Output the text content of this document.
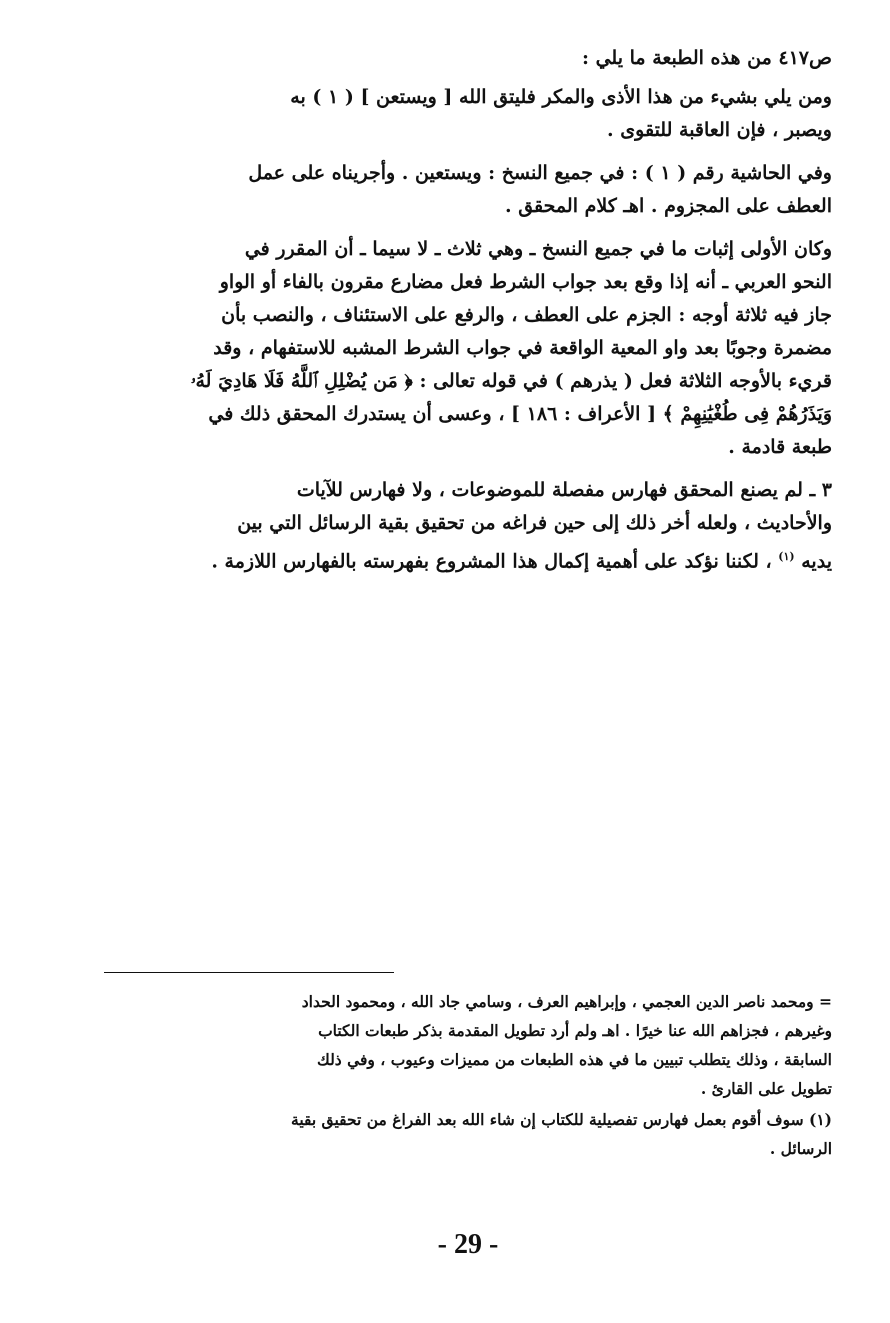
ص٤١٧ من هذه الطبعة ما يلي :
ومن يلي بشيء من هذا الأذى والمكر فليتق الله [ ويستعن ] ( ١ ) به
ويصبر ، فإن العاقبة للتقوى .
وفي الحاشية رقم ( ١ ) : في جميع النسخ : ويستعين . وأجريناه على عمل
العطف على المجزوم . اهـ كلام المحقق .
وكان الأولى إثبات ما في جميع النسخ ـ وهي ثلاث ـ لا سيما ـ أن المقرر في
النحو العربي ـ أنه إذا وقع بعد جواب الشرط فعل مضارع مقرون بالفاء أو الواو
جاز فيه ثلاثة أوجه : الجزم على العطف ، والرفع على الاستئناف ، والنصب بأن
مضمرة وجوبًا بعد واو المعية الواقعة في جواب الشرط المشبه للاستفهام ، وقد
قريء بالأوجه الثلاثة فعل ( يذرهم ) في قوله تعالى : ﴿ مَن يُضْلِلِ ٱللَّهُ فَلَا هَادِيَ لَهُۥ
وَيَذَرُهُمْ فِى طُغْيَٰنِهِمْ ﴾ [ الأعراف : ١٨٦ ] ، وعسى أن يستدرك المحقق ذلك في
طبعة قادمة .
٣ ـ لم يصنع المحقق فهارس مفصلة للموضوعات ، ولا فهارس للآيات
والأحاديث ، ولعله أخر ذلك إلى حين فراغه من تحقيق بقية الرسائل التي بين
يديه $^{(١)}$ ، لكننا نؤكد على أهمية إكمال هذا المشروع بفهرسته بالفهارس اللازمة .
= ومحمد ناصر الدين العجمي ، وإبراهيم العرف ، وسامي جاد الله ، ومحمود الحداد
وغيرهم ، فجزاهم الله عنا خيرًا . اهـ ولم أرد تطويل المقدمة بذكر طبعات الكتاب
السابقة ، وذلك يتطلب تبيين ما في هذه الطبعات من مميزات وعيوب ، وفي ذلك
تطويل على القارئ .
(١) سوف أقوم بعمل فهارس تفصيلية للكتاب إن شاء الله بعد الفراغ من تحقيق بقية
الرسائل .
- 29 -
